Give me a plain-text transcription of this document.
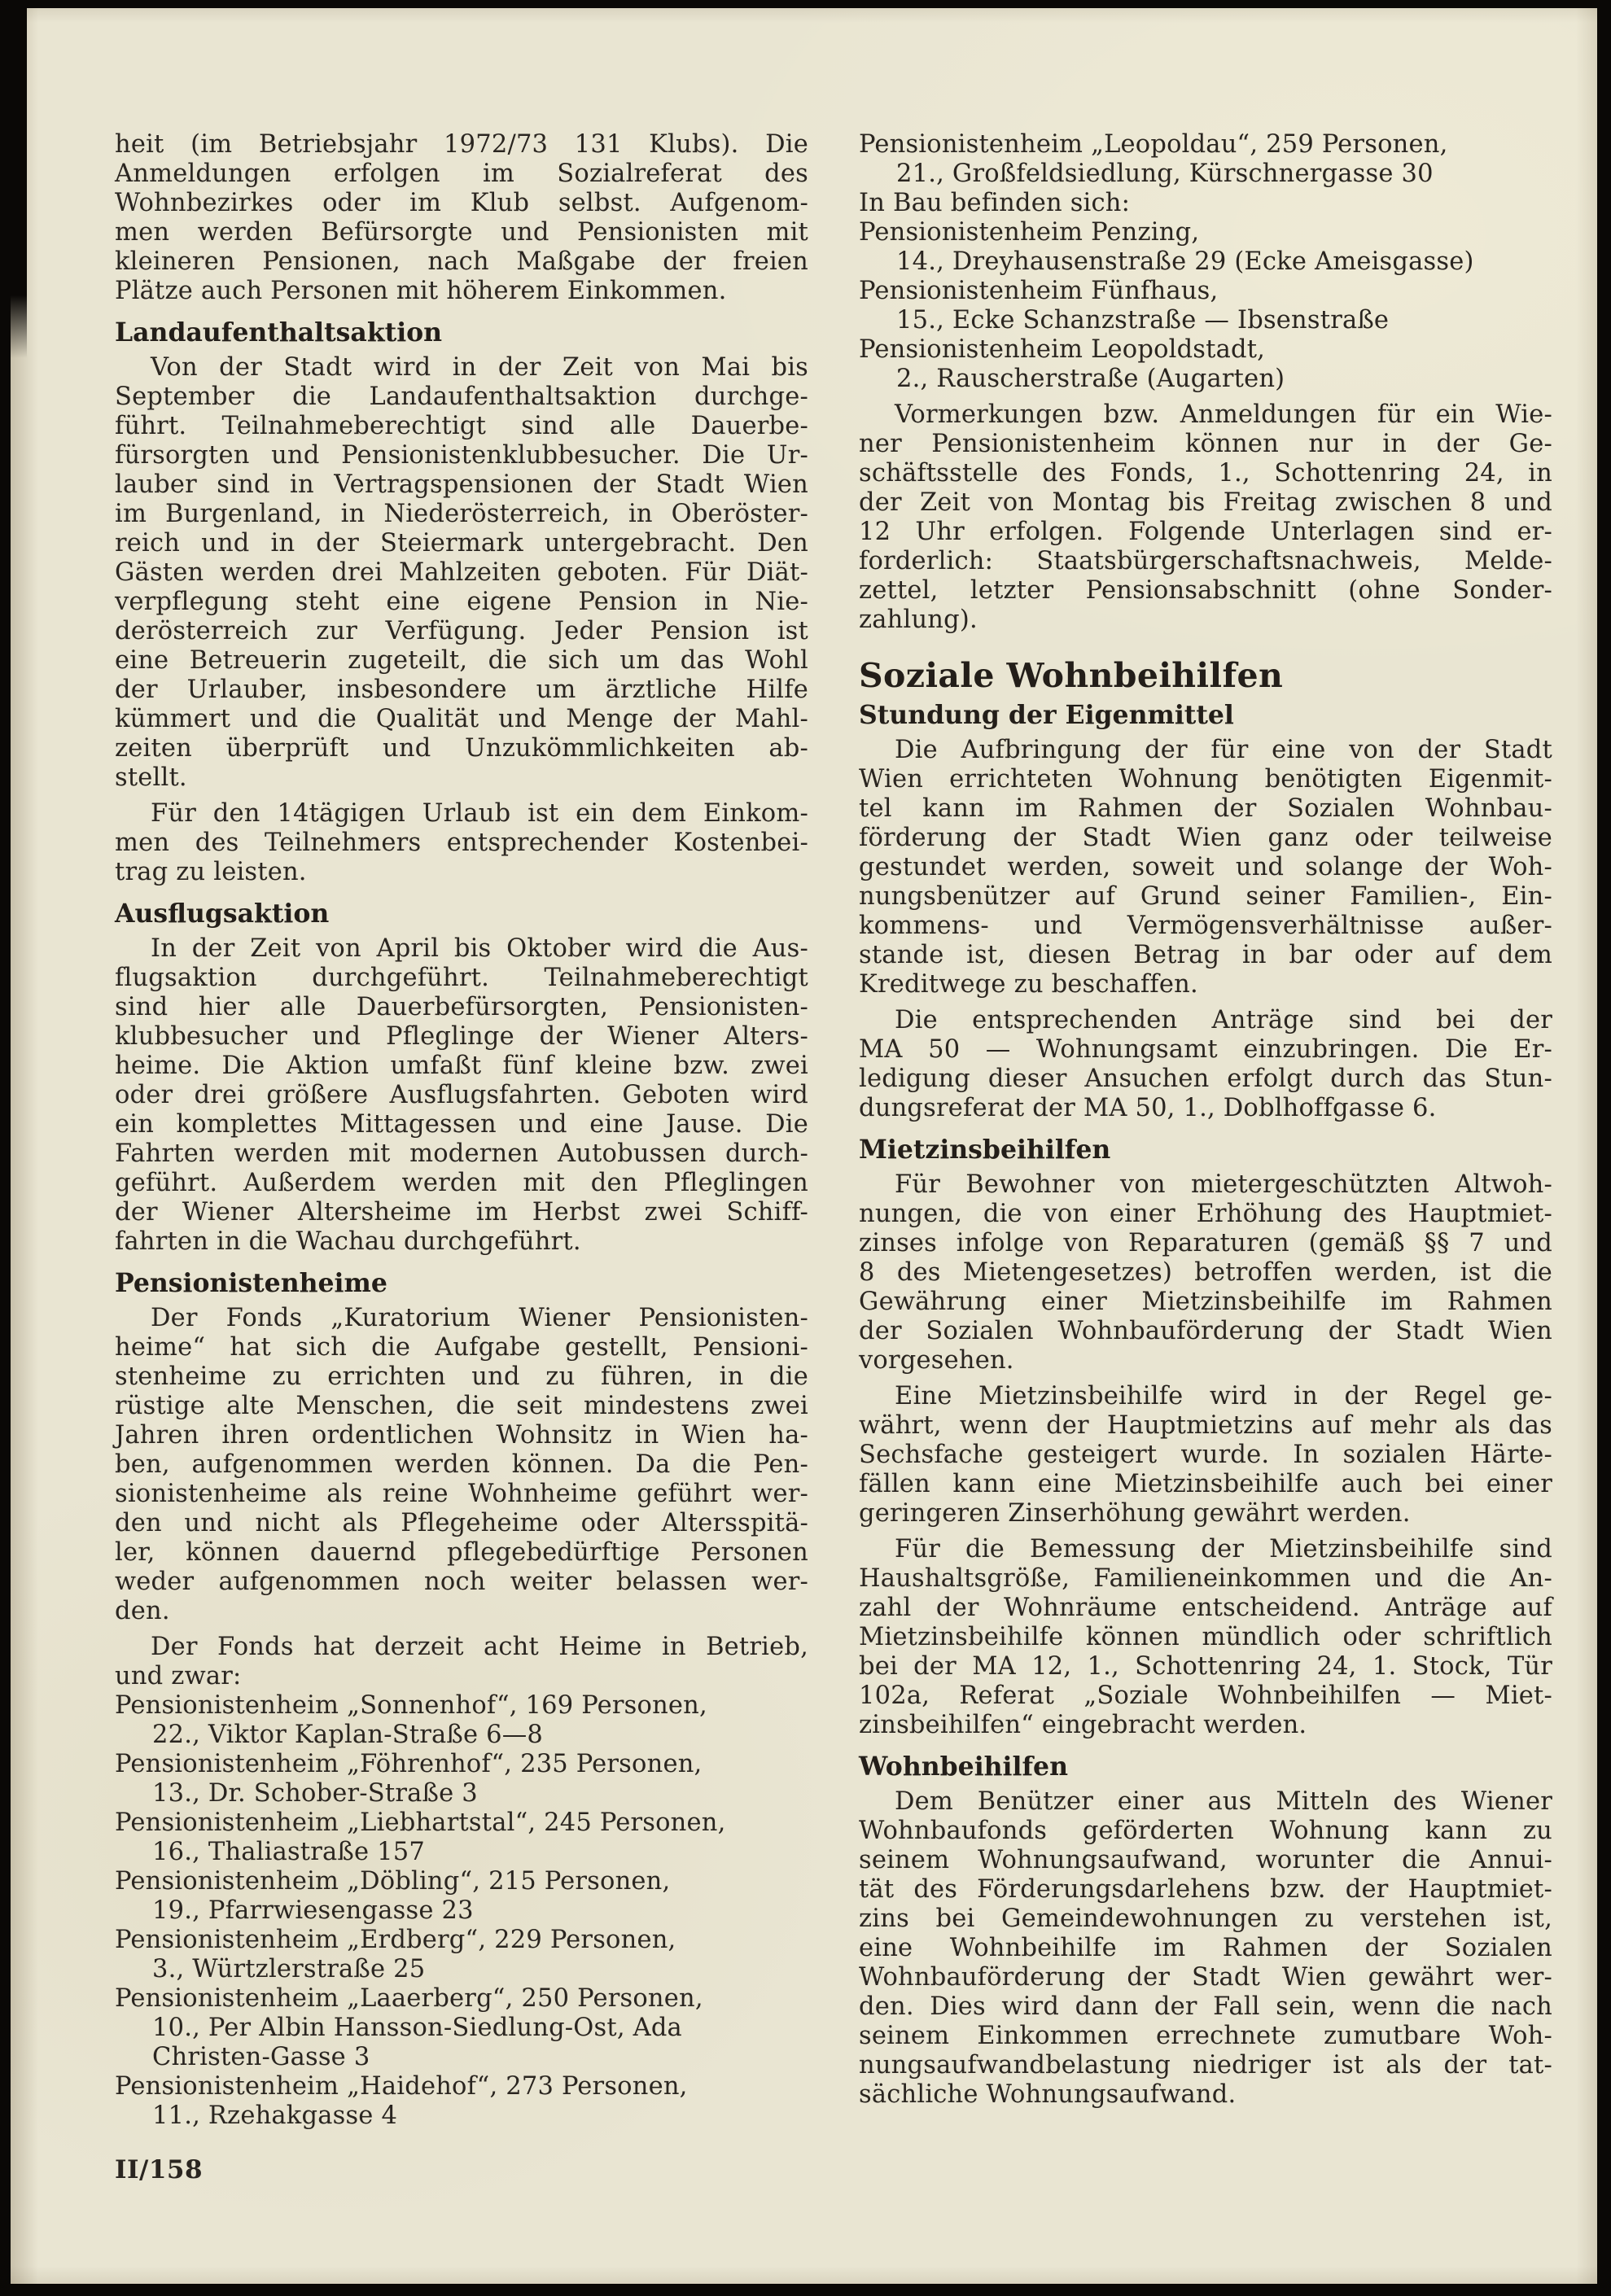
heit (im Betriebsjahr 1972/73 131 Klubs). Die
Anmeldungen erfolgen im Sozialreferat des
Wohnbezirkes oder im Klub selbst. Aufgenom-
men werden Befürsorgte und Pensionisten mit
kleineren Pensionen, nach Maßgabe der freien
Plätze auch Personen mit höherem Einkommen.
Landaufenthaltsaktion
Von der Stadt wird in der Zeit von Mai bis
September die Landaufenthaltsaktion durchge-
führt. Teilnahmeberechtigt sind alle Dauerbe-
fürsorgten und Pensionistenklubbesucher. Die Ur-
lauber sind in Vertragspensionen der Stadt Wien
im Burgenland, in Niederösterreich, in Oberöster-
reich und in der Steiermark untergebracht. Den
Gästen werden drei Mahlzeiten geboten. Für Diät-
verpflegung steht eine eigene Pension in Nie-
derösterreich zur Verfügung. Jeder Pension ist
eine Betreuerin zugeteilt, die sich um das Wohl
der Urlauber, insbesondere um ärztliche Hilfe
kümmert und die Qualität und Menge der Mahl-
zeiten überprüft und Unzukömmlichkeiten ab-
stellt.
Für den 14tägigen Urlaub ist ein dem Einkom-
men des Teilnehmers entsprechender Kostenbei-
trag zu leisten.
Ausflugsaktion
In der Zeit von April bis Oktober wird die Aus-
flugsaktion durchgeführt. Teilnahmeberechtigt
sind hier alle Dauerbefürsorgten, Pensionisten-
klubbesucher und Pfleglinge der Wiener Alters-
heime. Die Aktion umfaßt fünf kleine bzw. zwei
oder drei größere Ausflugsfahrten. Geboten wird
ein komplettes Mittagessen und eine Jause. Die
Fahrten werden mit modernen Autobussen durch-
geführt. Außerdem werden mit den Pfleglingen
der Wiener Altersheime im Herbst zwei Schiff-
fahrten in die Wachau durchgeführt.
Pensionistenheime
Der Fonds „Kuratorium Wiener Pensionisten-
heime“ hat sich die Aufgabe gestellt, Pensioni-
stenheime zu errichten und zu führen, in die
rüstige alte Menschen, die seit mindestens zwei
Jahren ihren ordentlichen Wohnsitz in Wien ha-
ben, aufgenommen werden können. Da die Pen-
sionistenheime als reine Wohnheime geführt wer-
den und nicht als Pflegeheime oder Altersspitä-
ler, können dauernd pflegebedürftige Personen
weder aufgenommen noch weiter belassen wer-
den.
Der Fonds hat derzeit acht Heime in Betrieb,
und zwar:
Pensionistenheim „Sonnenhof“, 169 Personen,
22., Viktor Kaplan-Straße 6—8
Pensionistenheim „Föhrenhof“, 235 Personen,
13., Dr. Schober-Straße 3
Pensionistenheim „Liebhartstal“, 245 Personen,
16., Thaliastraße 157
Pensionistenheim „Döbling“, 215 Personen,
19., Pfarrwiesengasse 23
Pensionistenheim „Erdberg“, 229 Personen,
3., Würtzlerstraße 25
Pensionistenheim „Laaerberg“, 250 Personen,
10., Per Albin Hansson-Siedlung-Ost, Ada
Christen-Gasse 3
Pensionistenheim „Haidehof“, 273 Personen,
11., Rzehakgasse 4
Pensionistenheim „Leopoldau“, 259 Personen,
21., Großfeldsiedlung, Kürschnergasse 30
In Bau befinden sich:
Pensionistenheim Penzing,
14., Dreyhausenstraße 29 (Ecke Ameisgasse)
Pensionistenheim Fünfhaus,
15., Ecke Schanzstraße — Ibsenstraße
Pensionistenheim Leopoldstadt,
2., Rauscherstraße (Augarten)
Vormerkungen bzw. Anmeldungen für ein Wie-
ner Pensionistenheim können nur in der Ge-
schäftsstelle des Fonds, 1., Schottenring 24, in
der Zeit von Montag bis Freitag zwischen 8 und
12 Uhr erfolgen. Folgende Unterlagen sind er-
forderlich: Staatsbürgerschaftsnachweis, Melde-
zettel, letzter Pensionsabschnitt (ohne Sonder-
zahlung).
Soziale Wohnbeihilfen
Stundung der Eigenmittel
Die Aufbringung der für eine von der Stadt
Wien errichteten Wohnung benötigten Eigenmit-
tel kann im Rahmen der Sozialen Wohnbau-
förderung der Stadt Wien ganz oder teilweise
gestundet werden, soweit und solange der Woh-
nungsbenützer auf Grund seiner Familien-, Ein-
kommens- und Vermögensverhältnisse außer-
stande ist, diesen Betrag in bar oder auf dem
Kreditwege zu beschaffen.
Die entsprechenden Anträge sind bei der
MA 50 — Wohnungsamt einzubringen. Die Er-
ledigung dieser Ansuchen erfolgt durch das Stun-
dungsreferat der MA 50, 1., Doblhoffgasse 6.
Mietzinsbeihilfen
Für Bewohner von mietergeschützten Altwoh-
nungen, die von einer Erhöhung des Hauptmiet-
zinses infolge von Reparaturen (gemäß §§ 7 und
8 des Mietengesetzes) betroffen werden, ist die
Gewährung einer Mietzinsbeihilfe im Rahmen
der Sozialen Wohnbauförderung der Stadt Wien
vorgesehen.
Eine Mietzinsbeihilfe wird in der Regel ge-
währt, wenn der Hauptmietzins auf mehr als das
Sechsfache gesteigert wurde. In sozialen Härte-
fällen kann eine Mietzinsbeihilfe auch bei einer
geringeren Zinserhöhung gewährt werden.
Für die Bemessung der Mietzinsbeihilfe sind
Haushaltsgröße, Familieneinkommen und die An-
zahl der Wohnräume entscheidend. Anträge auf
Mietzinsbeihilfe können mündlich oder schriftlich
bei der MA 12, 1., Schottenring 24, 1. Stock, Tür
102a, Referat „Soziale Wohnbeihilfen — Miet-
zinsbeihilfen“ eingebracht werden.
Wohnbeihilfen
Dem Benützer einer aus Mitteln des Wiener
Wohnbaufonds geförderten Wohnung kann zu
seinem Wohnungsaufwand, worunter die Annui-
tät des Förderungsdarlehens bzw. der Hauptmiet-
zins bei Gemeindewohnungen zu verstehen ist,
eine Wohnbeihilfe im Rahmen der Sozialen
Wohnbauförderung der Stadt Wien gewährt wer-
den. Dies wird dann der Fall sein, wenn die nach
seinem Einkommen errechnete zumutbare Woh-
nungsaufwandbelastung niedriger ist als der tat-
sächliche Wohnungsaufwand.
II/158
